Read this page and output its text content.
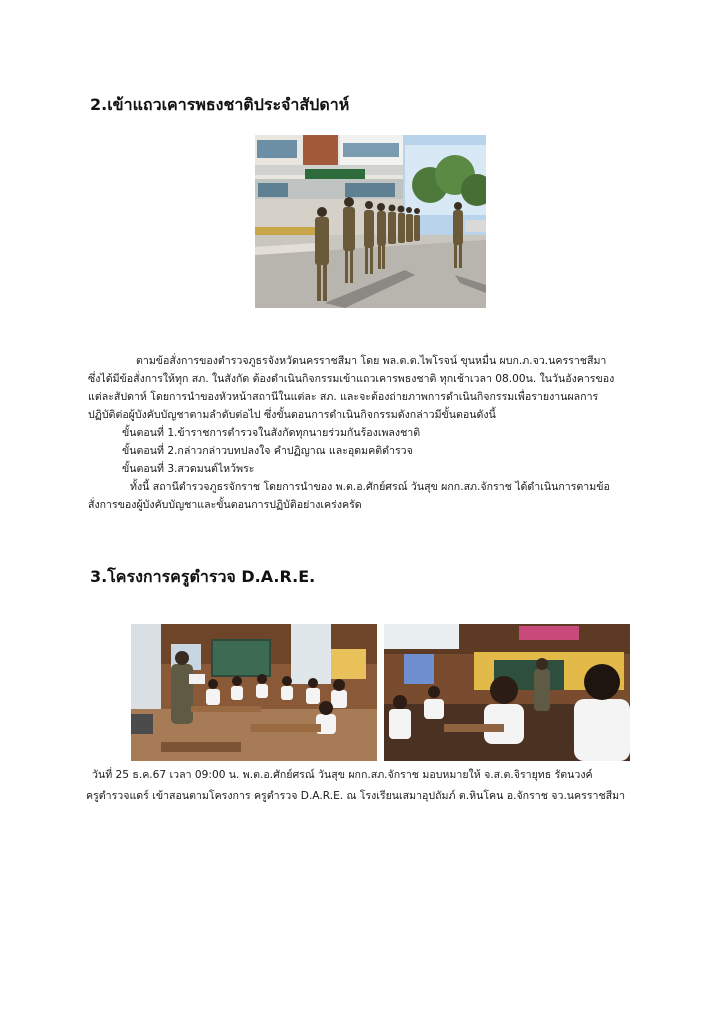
2.เข้าแถวเคารพธงชาติประจำสัปดาห์
ตามข้อสั่งการของตำรวจภูธรจังหวัดนครราชสีมา โดย พล.ต.ต.ไพโรจน์ ขุนหมื่น ผบก.ภ.จว.นครราชสีมา
ซึ่งได้มีข้อสั่งการให้ทุก สภ. ในสังกัด ต้องดำเนินกิจกรรมเข้าแถวเคารพธงชาติ ทุกเช้าเวลา 08.00น. ในวันอังคารของ
แต่ละสัปดาห์ โดยการนำของหัวหน้าสถานีในแต่ละ สภ. และจะต้องถ่ายภาพการดำเนินกิจกรรมเพื่อรายงานผลการ
ปฏิบัติต่อผู้บังคับบัญชาตามลำดับต่อไป ซึ่งขั้นตอนการดำเนินกิจกรรมดังกล่าวมีขั้นตอนดังนี้
ขั้นตอนที่ 1.ข้าราชการตำรวจในสังกัดทุกนายร่วมกันร้องเพลงชาติ
ขั้นตอนที่ 2.กล่าวกล่าวบทปลงใจ คำปฏิญาณ และอุดมคติตำรวจ
ขั้นตอนที่ 3.สวดมนต์ไหว้พระ
ทั้งนี้ สถานีตำรวจภูธรจักราช โดยการนำของ พ.ต.อ.ศักย์ศรณ์ วันสุข ผกก.สภ.จักราช ได้ดำเนินการตามข้อ
สั่งการของผู้บังคับบัญชาและขั้นตอนการปฏิบัติอย่างเคร่งครัด
3.โครงการครูตำรวจ D.A.R.E.
วันที่ 25 ธ.ค.67 เวลา 09:00 น. พ.ต.อ.ศักย์ศรณ์ วันสุข ผกก.สภ.จักราช มอบหมายให้ จ.ส.ต.จิรายุทธ รัตนวงค์
ครูตำรวจแดร์ เข้าสอนตามโครงการ ครูตำรวจ D.A.R.E. ณ โรงเรียนเสมาอุปถัมภ์ ต.หินโคน อ.จักราช จว.นครราชสีมา
